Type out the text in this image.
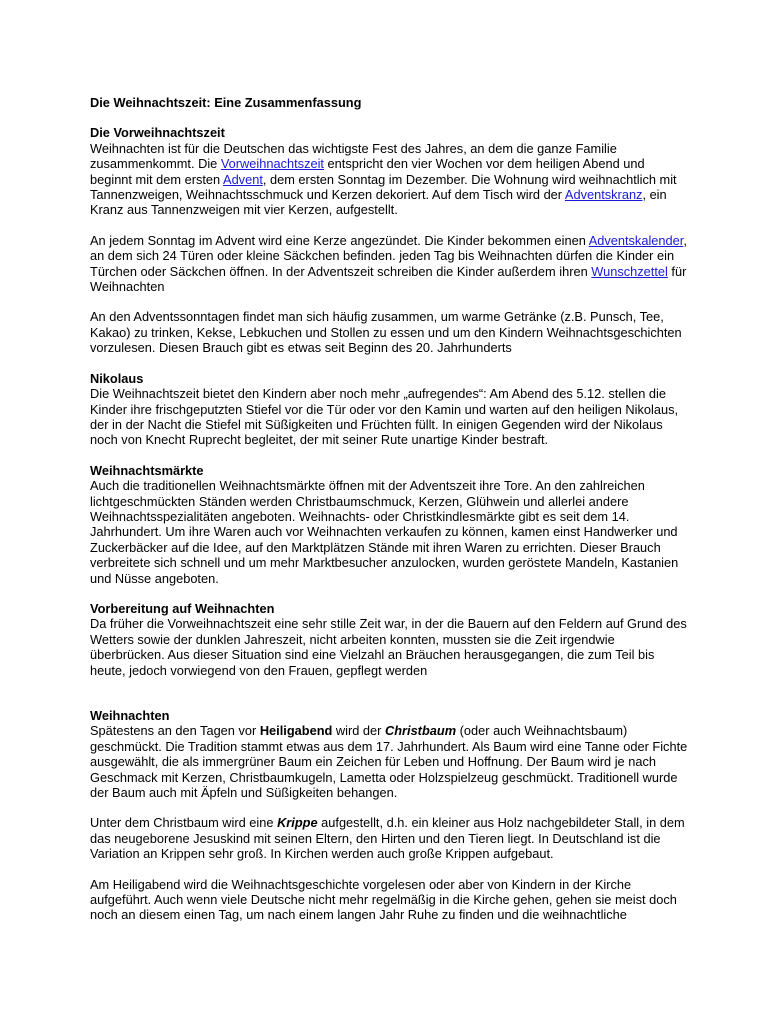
Die Weihnachtszeit: Eine Zusammenfassung

Die Vorweihnachtszeit

Weihnachten ist für die Deutschen das wichtigste Fest des Jahres, an dem die ganze Familie zusammenkommt. Die Vorweihnachtszeit entspricht den vier Wochen vor dem heiligen Abend und beginnt mit dem ersten Advent, dem ersten Sonntag im Dezember. Die Wohnung wird weihnachtlich mit Tannenzweigen, Weihnachtsschmuck und Kerzen dekoriert. Auf dem Tisch wird der Adventskranz, ein Kranz aus Tannenzweigen mit vier Kerzen, aufgestellt.

An jedem Sonntag im Advent wird eine Kerze angezündet. Die Kinder bekommen einen Adventskalender, an dem sich 24 Türen oder kleine Säckchen befinden. jeden Tag bis Weihnachten dürfen die Kinder ein Türchen oder Säckchen öffnen. In der Adventszeit schreiben die Kinder außerdem ihren Wunschzettel für Weihnachten

An den Adventssonntagen findet man sich häufig zusammen, um warme Getränke (z.B. Punsch, Tee, Kakao) zu trinken, Kekse, Lebkuchen und Stollen zu essen und um den Kindern Weihnachtsgeschichten vorzulesen. Diesen Brauch gibt es etwas seit Beginn des 20. Jahrhunderts

Nikolaus

Die Weihnachtszeit bietet den Kindern aber noch mehr „aufregendes“: Am Abend des 5.12. stellen die Kinder ihre frischgeputzten Stiefel vor die Tür oder vor den Kamin und warten auf den heiligen Nikolaus, der in der Nacht die Stiefel mit Süßigkeiten und Früchten füllt. In einigen Gegenden wird der Nikolaus noch von Knecht Ruprecht begleitet, der mit seiner Rute unartige Kinder bestraft.

Weihnachtsmärkte

Auch die traditionellen Weihnachtsmärkte öffnen mit der Adventszeit ihre Tore. An den zahlreichen lichtgeschmückten Ständen werden Christbaumschmuck, Kerzen, Glühwein und allerlei andere Weihnachtsspezialitäten angeboten. Weihnachts- oder Christkindlesmärkte gibt es seit dem 14. Jahrhundert. Um ihre Waren auch vor Weihnachten verkaufen zu können, kamen einst Handwerker und Zuckerbäcker auf die Idee, auf den Marktplätzen Stände mit ihren Waren zu errichten. Dieser Brauch verbreitete sich schnell und um mehr Marktbesucher anzulocken, wurden geröstete Mandeln, Kastanien und Nüsse angeboten.

Vorbereitung auf Weihnachten

Da früher die Vorweihnachtszeit eine sehr stille Zeit war, in der die Bauern auf den Feldern auf Grund des Wetters sowie der dunklen Jahreszeit, nicht arbeiten konnten, mussten sie die Zeit irgendwie überbrücken. Aus dieser Situation sind eine Vielzahl an Bräuchen herausgegangen, die zum Teil bis heute, jedoch vorwiegend von den Frauen, gepflegt werden

Weihnachten

Spätestens an den Tagen vor Heiligabend wird der Christbaum (oder auch Weihnachtsbaum) geschmückt. Die Tradition stammt etwas aus dem 17. Jahrhundert. Als Baum wird eine Tanne oder Fichte ausgewählt, die als immergrüner Baum ein Zeichen für Leben und Hoffnung. Der Baum wird je nach Geschmack mit Kerzen, Christbaumkugeln, Lametta oder Holzspielzeug geschmückt. Traditionell wurde der Baum auch mit Äpfeln und Süßigkeiten behangen.

Unter dem Christbaum wird eine Krippe aufgestellt, d.h. ein kleiner aus Holz nachgebildeter Stall, in dem das neugeborene Jesuskind mit seinen Eltern, den Hirten und den Tieren liegt. In Deutschland ist die Variation an Krippen sehr groß. In Kirchen werden auch große Krippen aufgebaut.

Am Heiligabend wird die Weihnachtsgeschichte vorgelesen oder aber von Kindern in der Kirche aufgeführt. Auch wenn viele Deutsche nicht mehr regelmäßig in die Kirche gehen, gehen sie meist doch noch an diesem einen Tag, um nach einem langen Jahr Ruhe zu finden und die weihnachtliche
